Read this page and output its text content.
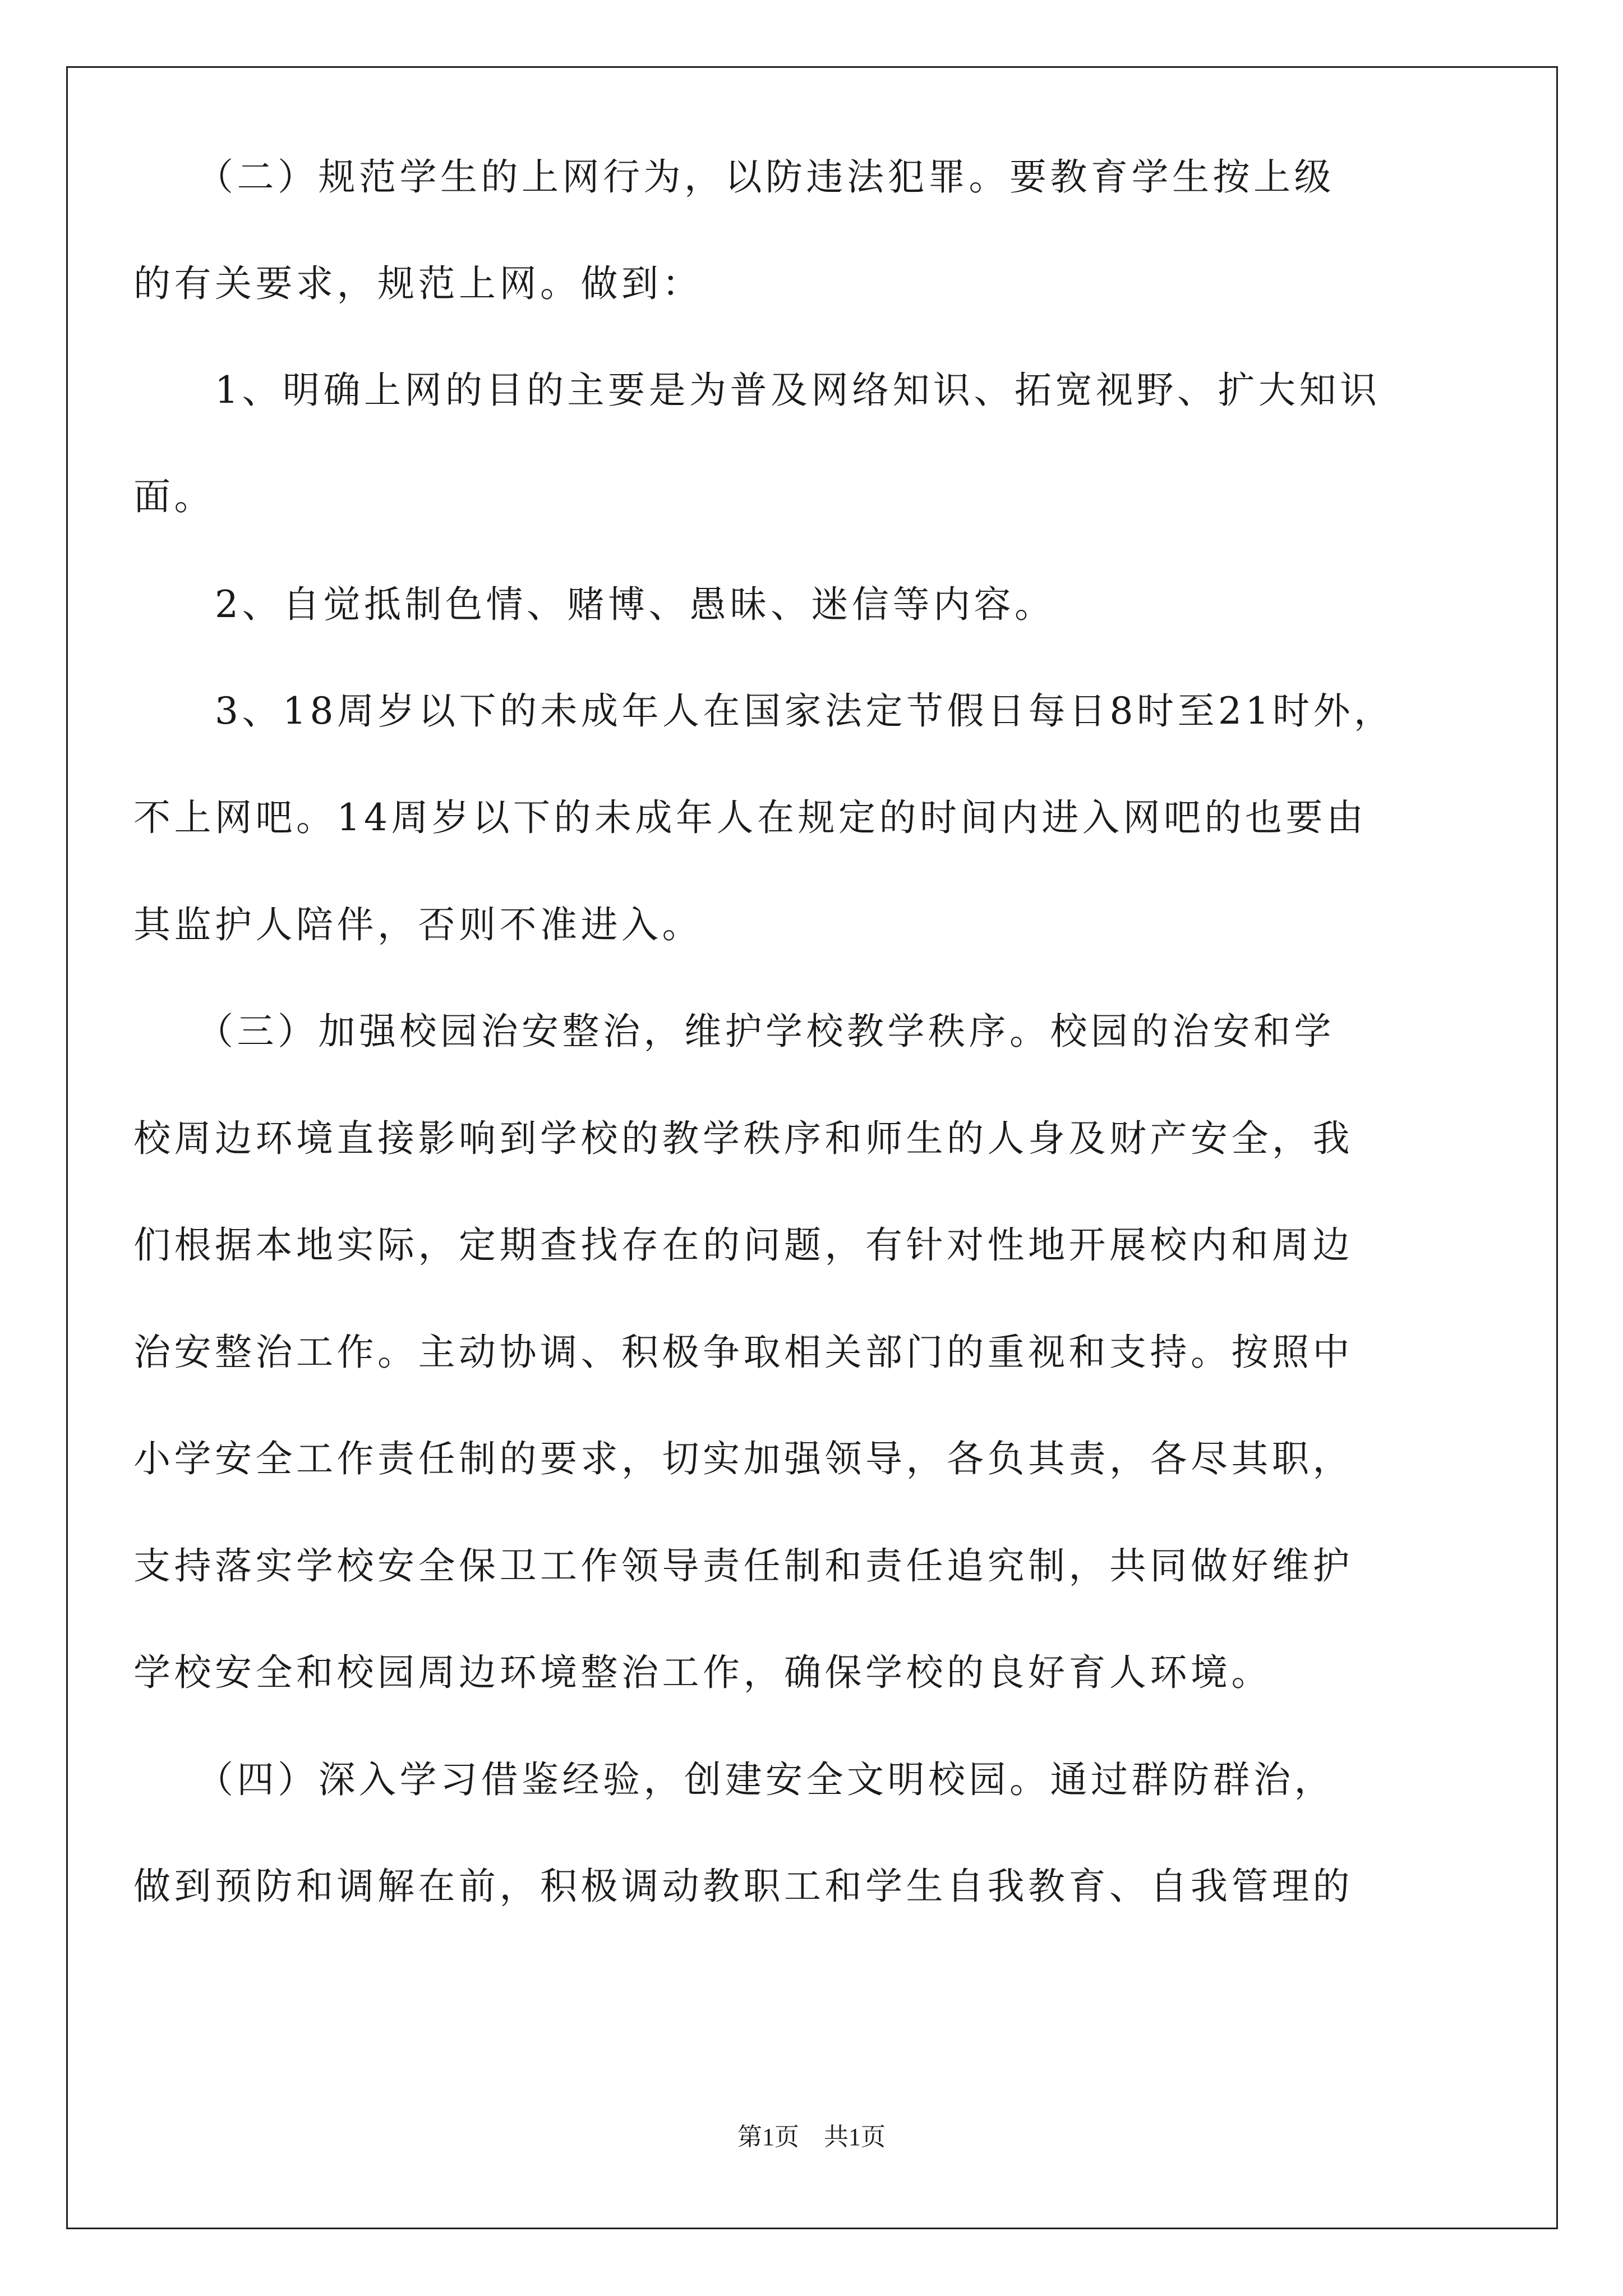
　　（二）规范学生的上网行为，以防违法犯罪。要教育学生按上级
的有关要求，规范上网。做到：
　　1、明确上网的目的主要是为普及网络知识、拓宽视野、扩大知识
面。
　　2、自觉抵制色情、赌博、愚昧、迷信等内容。
　　3、18周岁以下的未成年人在国家法定节假日每日8时至21时外，
不上网吧。14周岁以下的未成年人在规定的时间内进入网吧的也要由
其监护人陪伴，否则不准进入。
　　（三）加强校园治安整治，维护学校教学秩序。校园的治安和学
校周边环境直接影响到学校的教学秩序和师生的人身及财产安全，我
们根据本地实际，定期查找存在的问题，有针对性地开展校内和周边
治安整治工作。主动协调、积极争取相关部门的重视和支持。按照中
小学安全工作责任制的要求，切实加强领导，各负其责，各尽其职，
支持落实学校安全保卫工作领导责任制和责任追究制，共同做好维护
学校安全和校园周边环境整治工作，确保学校的良好育人环境。
　　（四）深入学习借鉴经验，创建安全文明校园。通过群防群治，
做到预防和调解在前，积极调动教职工和学生自我教育、自我管理的
第1页　共1页
